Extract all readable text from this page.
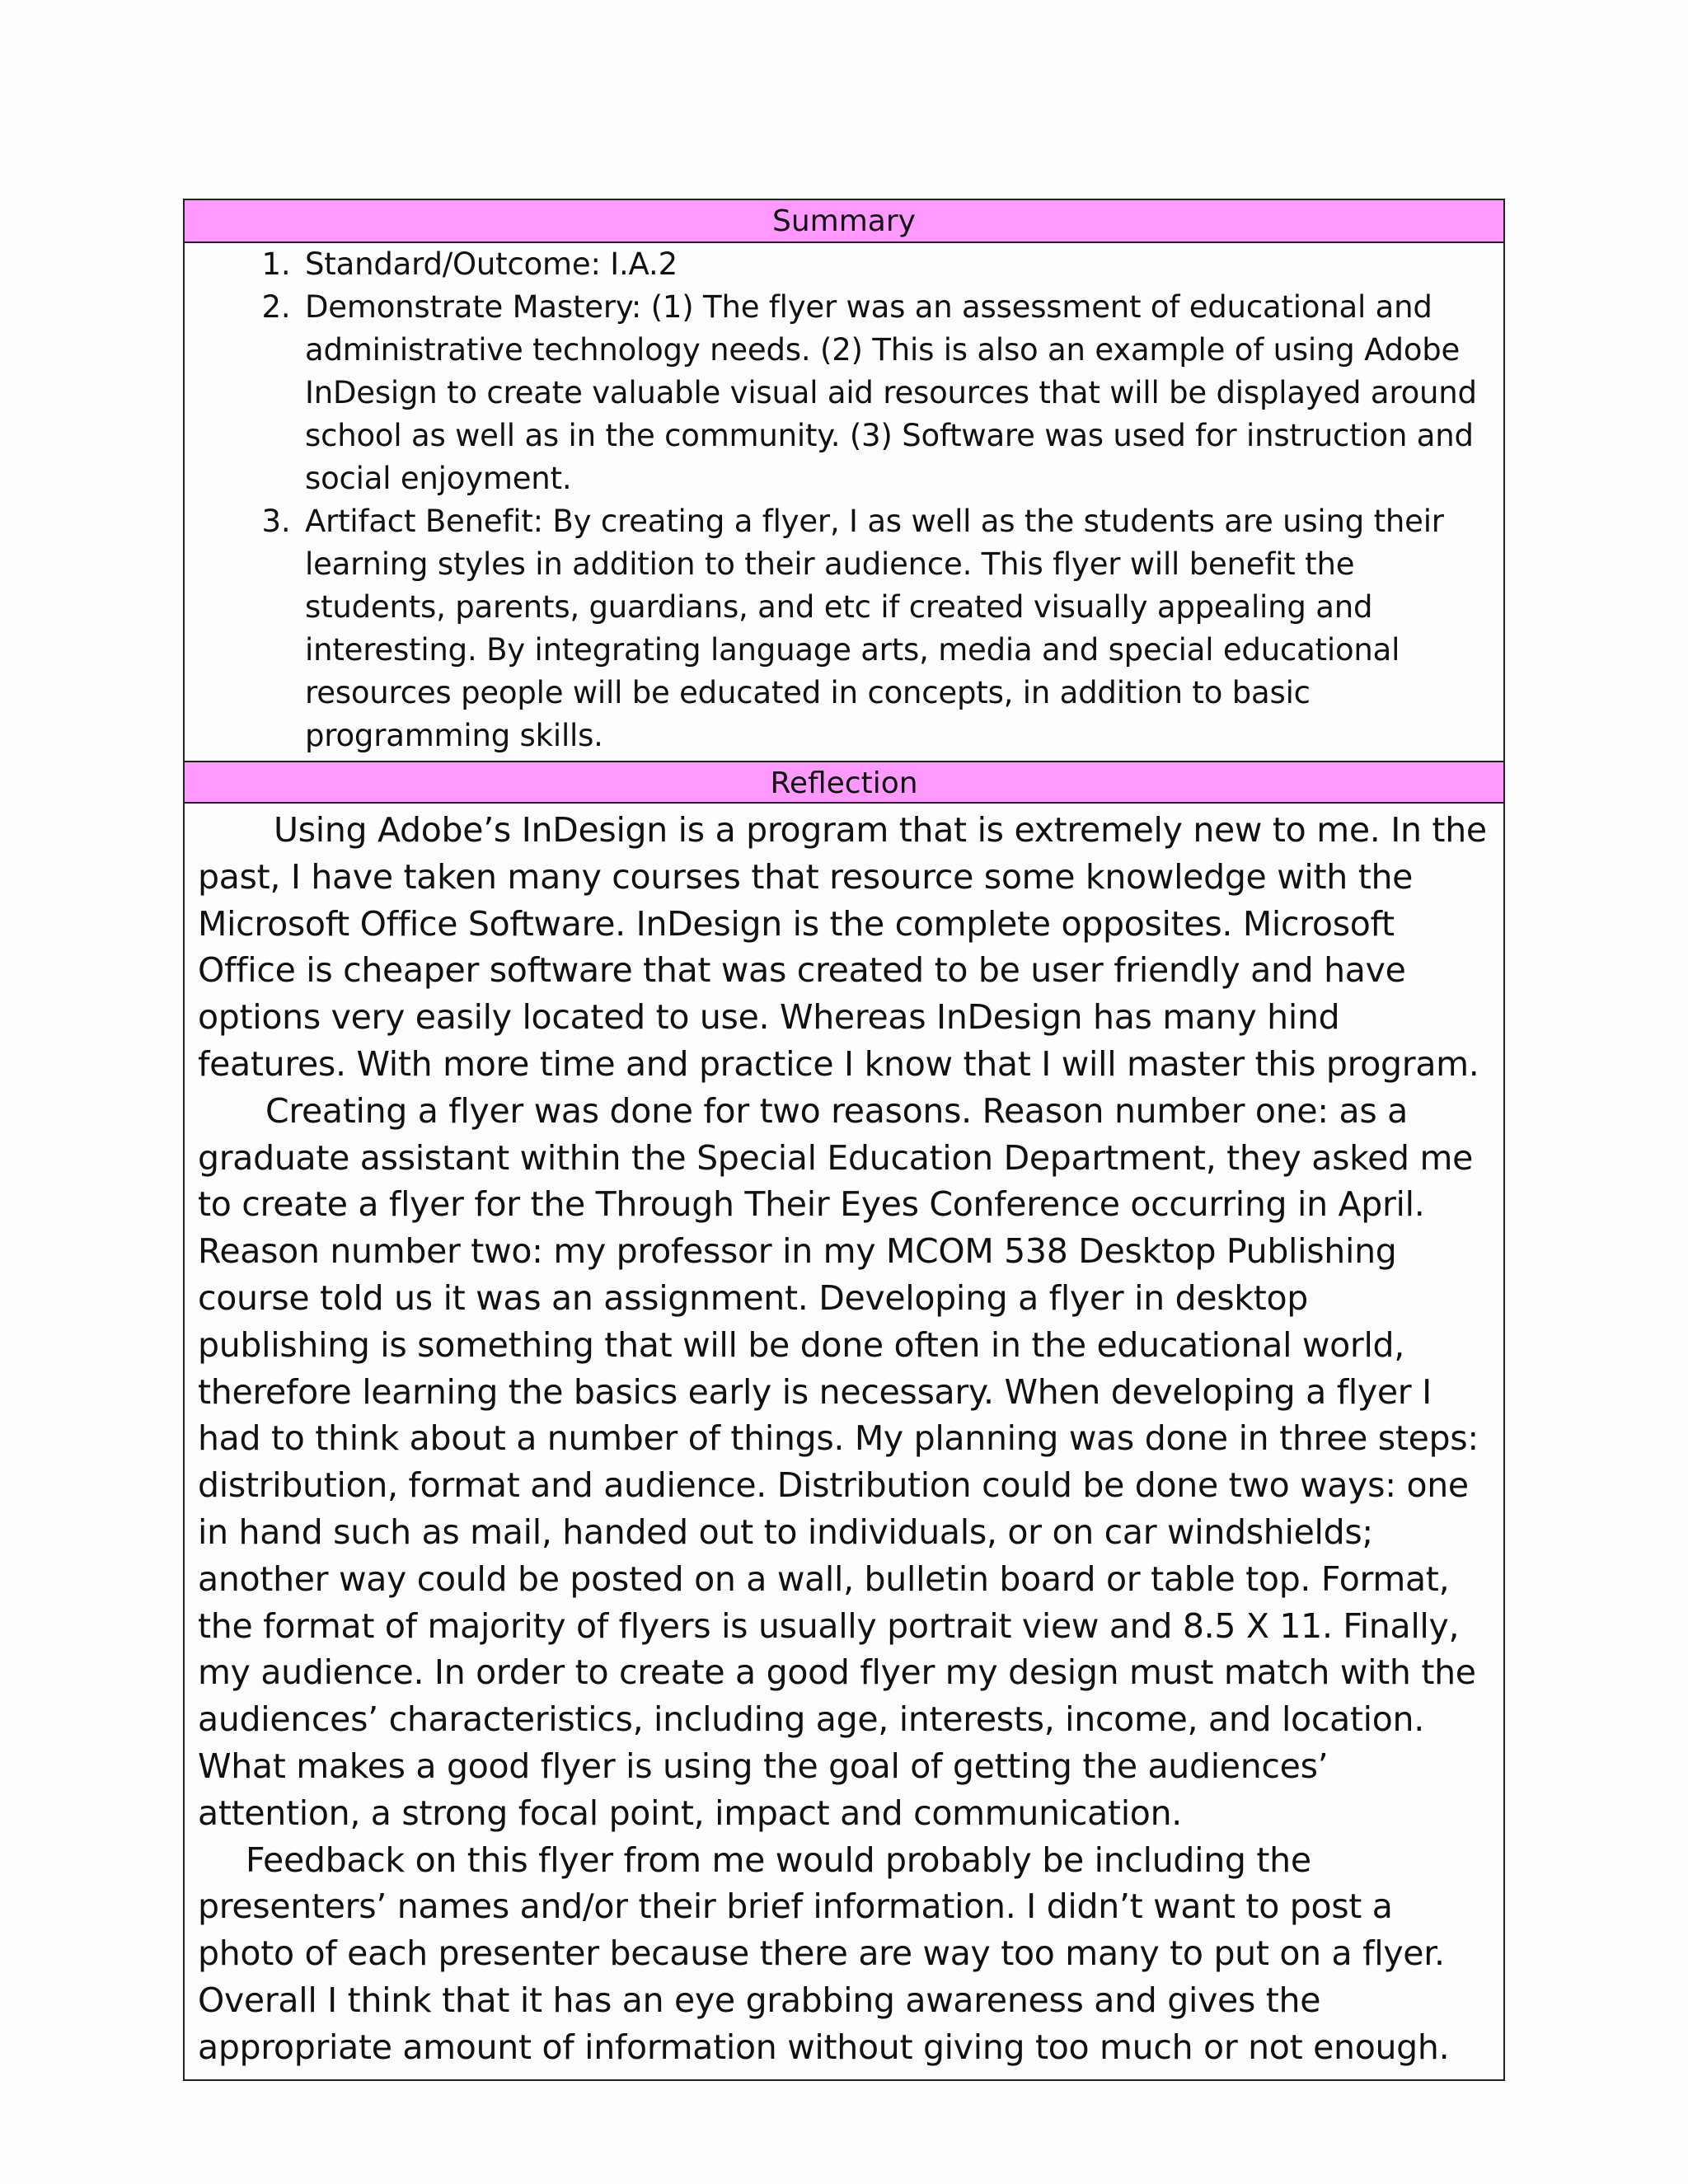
Summary
1. Standard/Outcome: I.A.2
2. Demonstrate Mastery: (1) The flyer was an assessment of educational and administrative technology needs. (2) This is also an example of using Adobe InDesign to create valuable visual aid resources that will be displayed around school as well as in the community. (3) Software was used for instruction and social enjoyment.
3. Artifact Benefit: By creating a flyer, I as well as the students are using their learning styles in addition to their audience. This flyer will benefit the students, parents, guardians, and etc if created visually appealing and interesting. By integrating language arts, media and special educational resources people will be educated in concepts, in addition to basic programming skills.
Reflection

Using Adobe’s InDesign is a program that is extremely new to me. In the past, I have taken many courses that resource some knowledge with the Microsoft Office Software. InDesign is the complete opposites. Microsoft Office is cheaper software that was created to be user friendly and have options very easily located to use. Whereas InDesign has many hind features. With more time and practice I know that I will master this program.

Creating a flyer was done for two reasons. Reason number one: as a graduate assistant within the Special Education Department, they asked me to create a flyer for the Through Their Eyes Conference occurring in April. Reason number two: my professor in my MCOM 538 Desktop Publishing course told us it was an assignment. Developing a flyer in desktop publishing is something that will be done often in the educational world, therefore learning the basics early is necessary. When developing a flyer I had to think about a number of things. My planning was done in three steps: distribution, format and audience. Distribution could be done two ways: one in hand such as mail, handed out to individuals, or on car windshields; another way could be posted on a wall, bulletin board or table top. Format, the format of majority of flyers is usually portrait view and 8.5 X 11. Finally, my audience. In order to create a good flyer my design must match with the audiences’ characteristics, including age, interests, income, and location. What makes a good flyer is using the goal of getting the audiences’ attention, a strong focal point, impact and communication.

Feedback on this flyer from me would probably be including the presenters’ names and/or their brief information. I didn’t want to post a photo of each presenter because there are way too many to put on a flyer. Overall I think that it has an eye grabbing awareness and gives the appropriate amount of information without giving too much or not enough.
